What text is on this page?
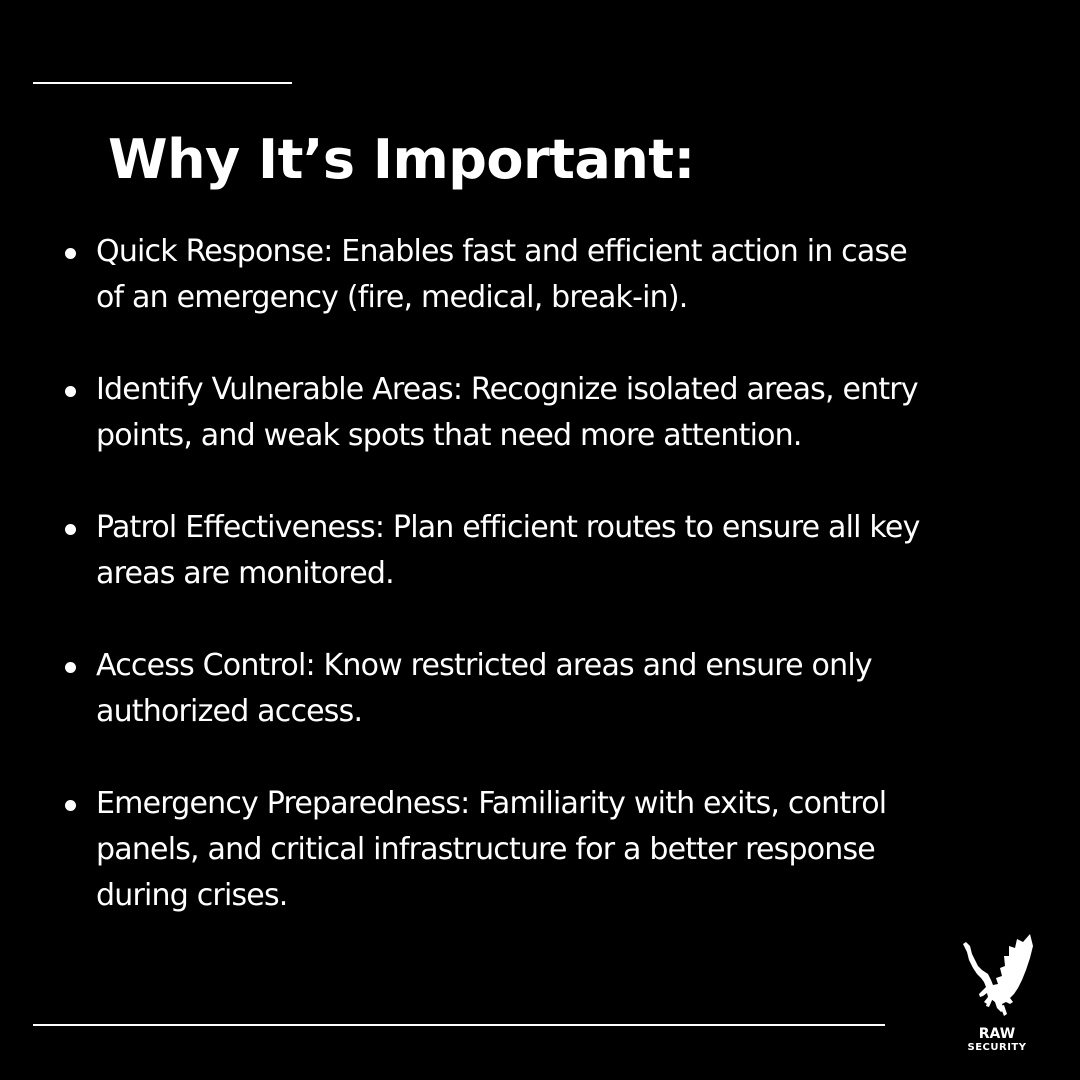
Why It’s Important:
Quick Response: Enables fast and efficient action in case
of an emergency (fire, medical, break-in).
Identify Vulnerable Areas: Recognize isolated areas, entry
points, and weak spots that need more attention.
Patrol Effectiveness: Plan efficient routes to ensure all key
areas are monitored.
Access Control: Know restricted areas and ensure only
authorized access.
Emergency Preparedness: Familiarity with exits, control
panels, and critical infrastructure for a better response
during crises.
RAW
SECURITY
